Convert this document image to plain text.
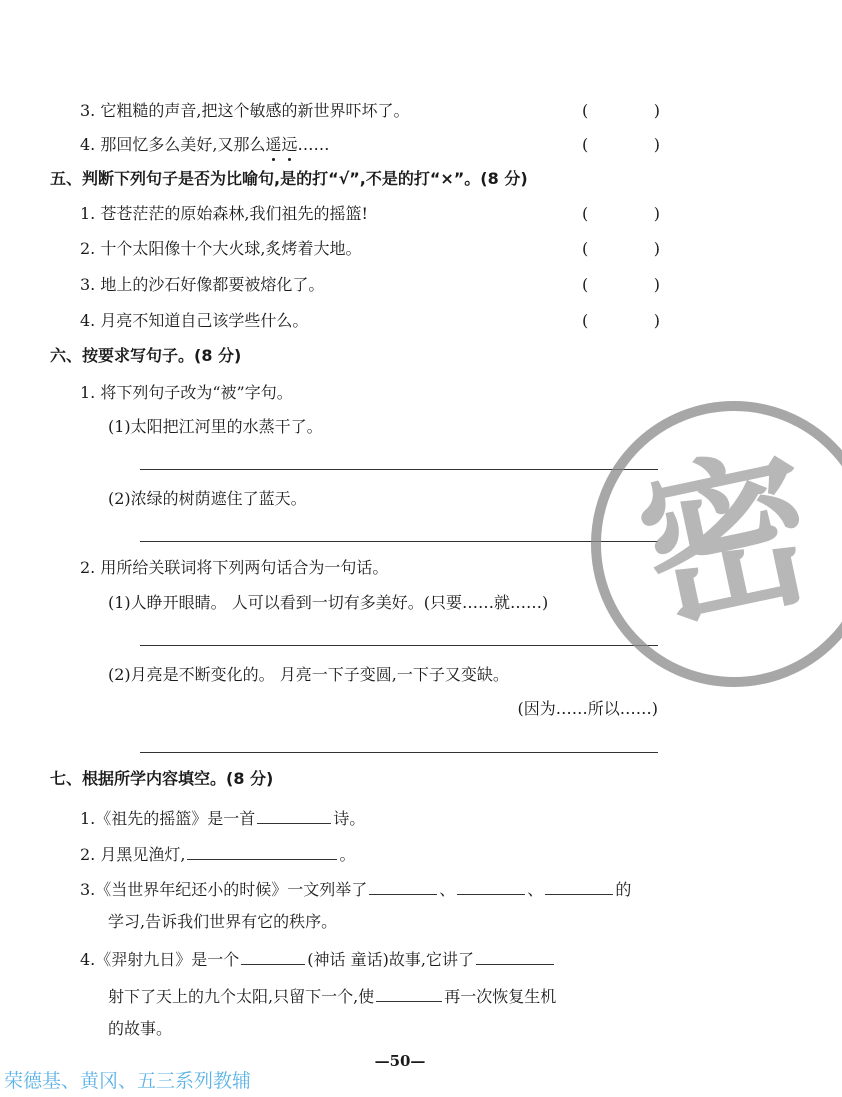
3. 它粗糙的声音,把这个敏感的新世界吓坏了。	(	)
4. 那回忆多么美好,又那么遥远……	(	)
五、判断下列句子是否为比喻句,是的打“√”,不是的打“×”。(8 分)
1. 苍苍茫茫的原始森林,我们祖先的摇篮!	(	)
2. 十个太阳像十个大火球,炙烤着大地。	(	)
3. 地上的沙石好像都要被熔化了。	(	)
4. 月亮不知道自己该学些什么。	(	)
六、按要求写句子。(8 分)
1. 将下列句子改为“被”字句。
(1)太阳把江河里的水蒸干了。
(2)浓绿的树荫遮住了蓝天。
2. 用所给关联词将下列两句话合为一句话。
(1)人睁开眼睛。 人可以看到一切有多美好。(只要……就……)
(2)月亮是不断变化的。 月亮一下子变圆,一下子又变缺。
(因为……所以……)
七、根据所学内容填空。(8 分)
1.《祖先的摇篮》是一首	诗。
2. 月黑见渔灯,	。
3.《当世界年纪还小的时候》一文列举了	、	、	的
学习,告诉我们世界有它的秩序。
4.《羿射九日》是一个	(神话 童话)故事,它讲了
射下了天上的九个太阳,只留下一个,使	再一次恢复生机
的故事。
密
—50—
荣德基、黄冈、五三系列教辅
